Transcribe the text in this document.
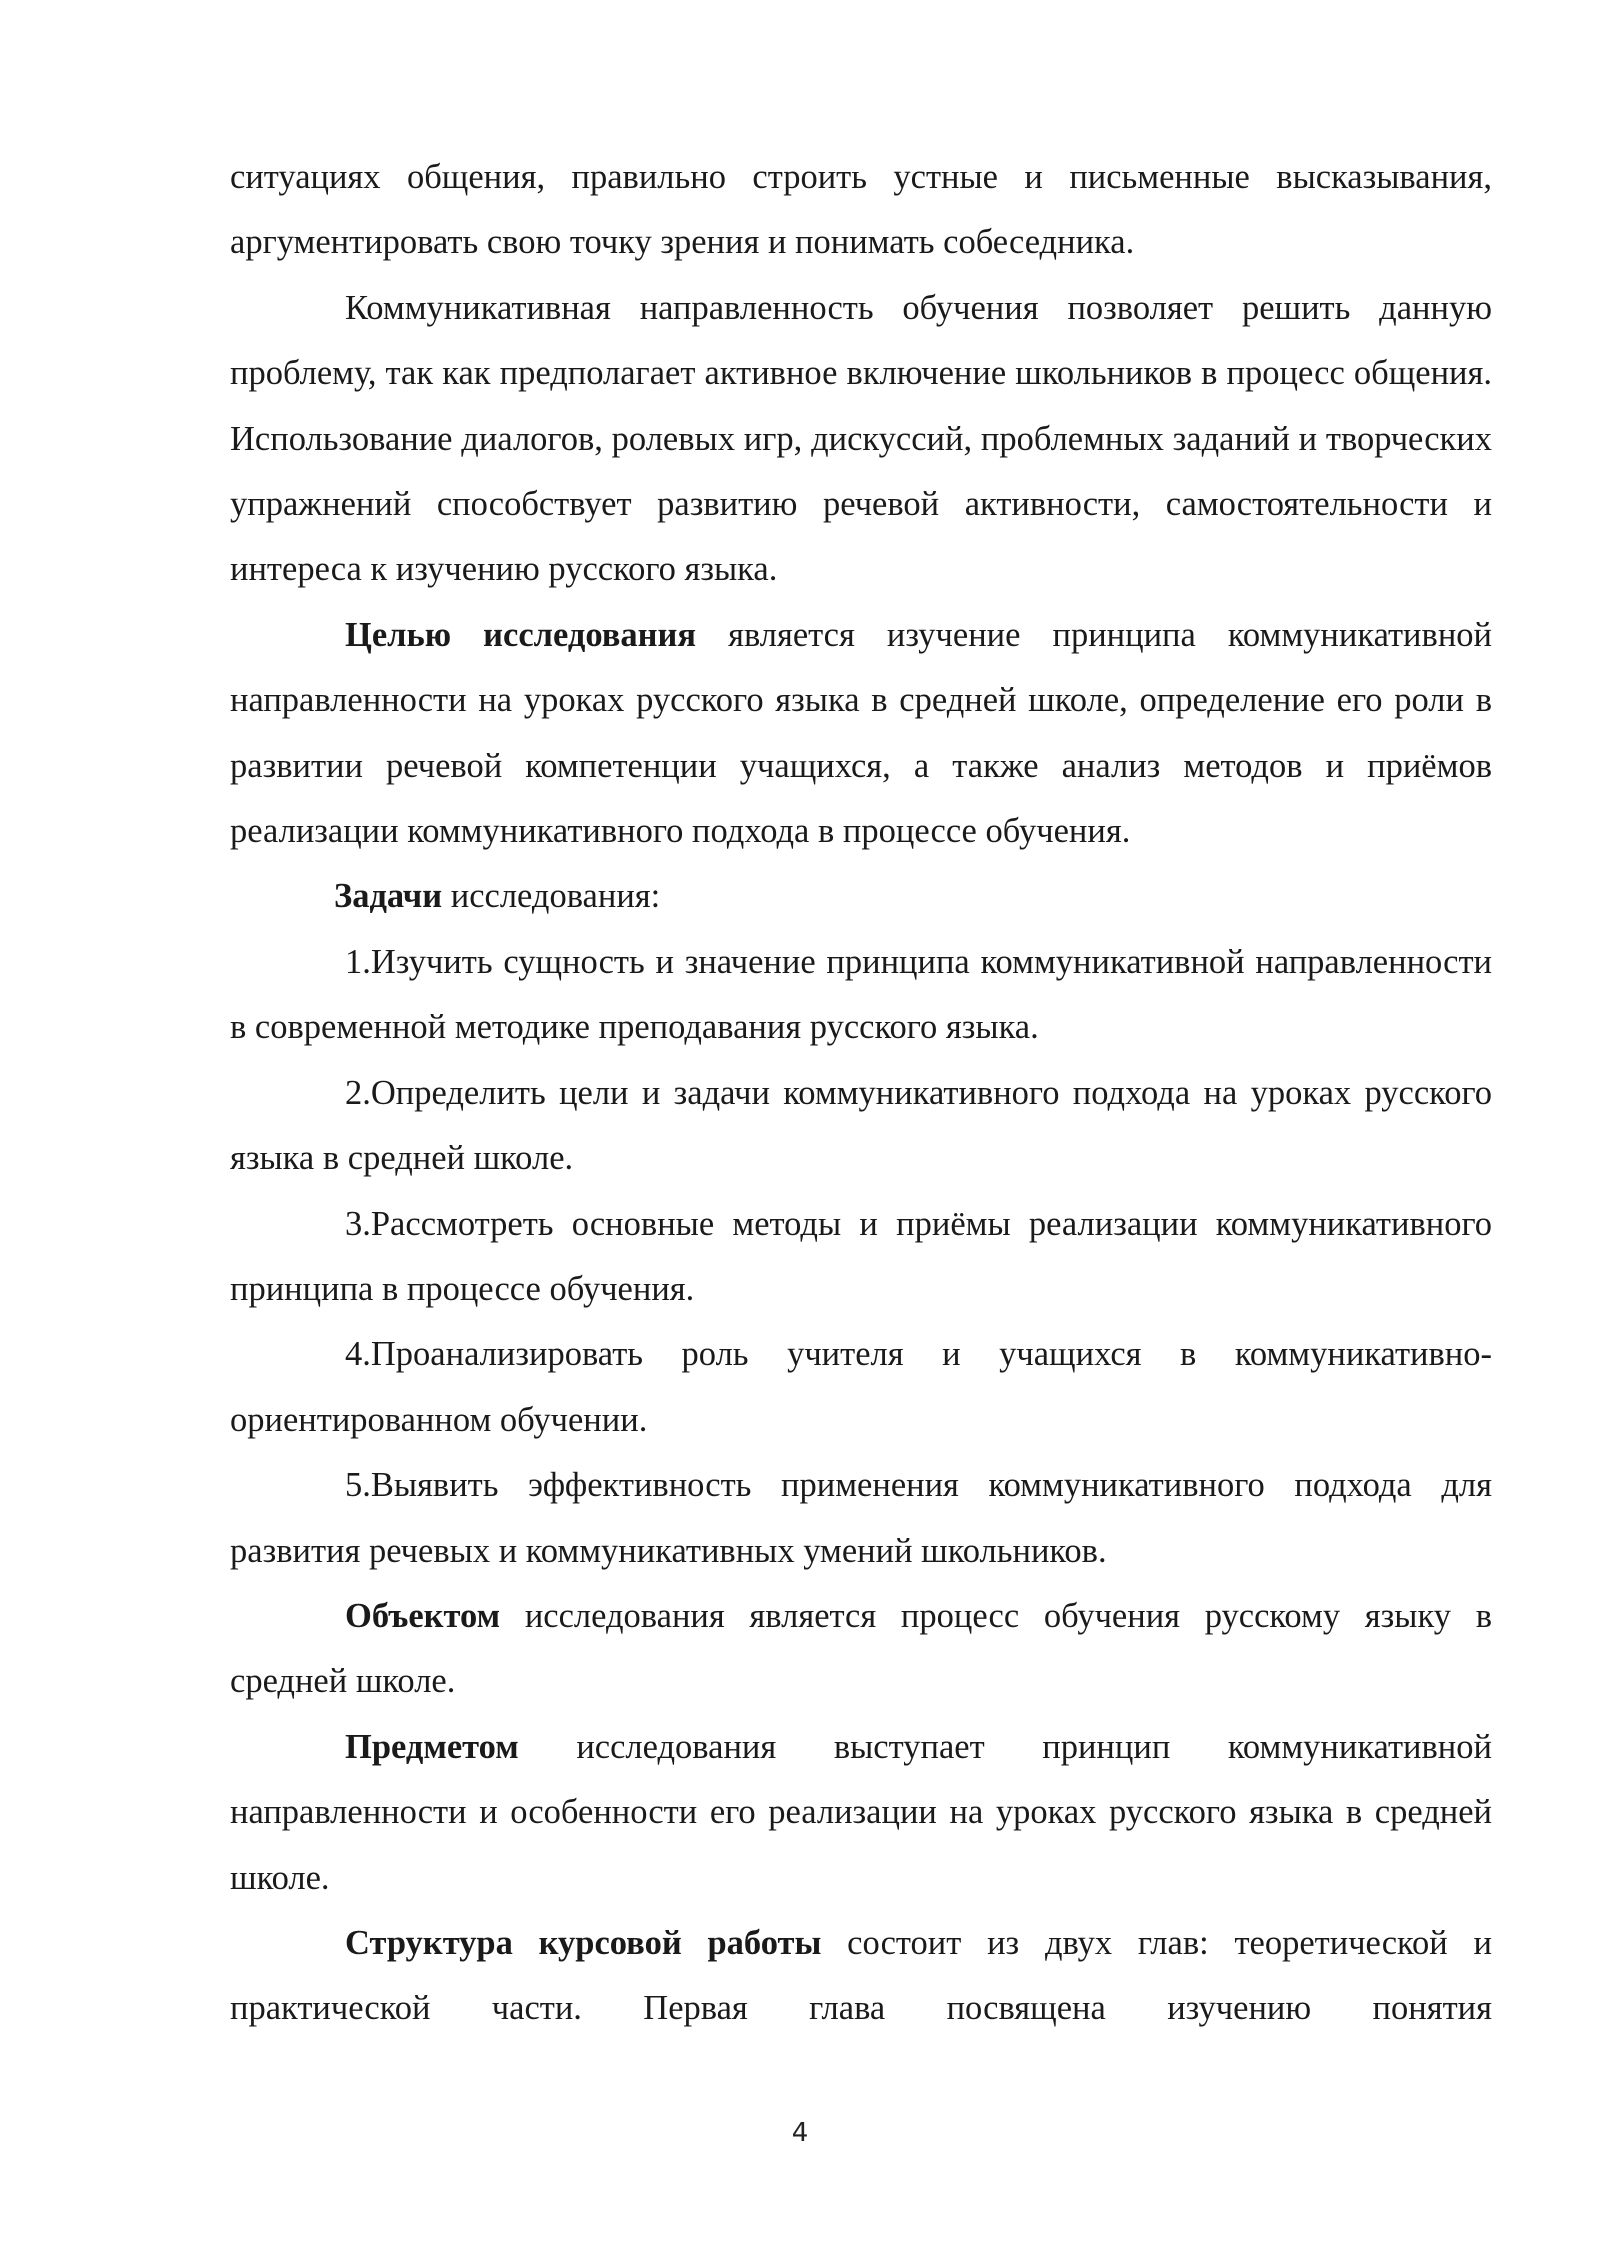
ситуациях общения, правильно строить устные и письменные высказывания, аргументировать свою точку зрения и понимать собеседника.

Коммуникативная направленность обучения позволяет решить данную проблему, так как предполагает активное включение школьников в процесс общения. Использование диалогов, ролевых игр, дискуссий, проблемных заданий и творческих упражнений способствует развитию речевой активности, самостоятельности и интереса к изучению русского языка.

Целью исследования является изучение принципа коммуникативной направленности на уроках русского языка в средней школе, определение его роли в развитии речевой компетенции учащихся, а также анализ методов и приёмов реализации коммуникативного подхода в процессе обучения.

Задачи исследования:

1.Изучить сущность и значение принципа коммуникативной направленности в современной методике преподавания русского языка.

2.Определить цели и задачи коммуникативного подхода на уроках русского языка в средней школе.

3.Рассмотреть основные методы и приёмы реализации коммуникативного принципа в процессе обучения.

4.Проанализировать роль учителя и учащихся в коммуникативно-ориентированном обучении.

5.Выявить эффективность применения коммуникативного подхода для развития речевых и коммуникативных умений школьников.

Объектом исследования является процесс обучения русскому языку в средней школе.

Предметом исследования выступает принцип коммуникативной направленности и особенности его реализации на уроках русского языка в средней школе.

Структура курсовой работы состоит из двух глав: теоретической и практической части. Первая глава посвящена изучению понятия

4
